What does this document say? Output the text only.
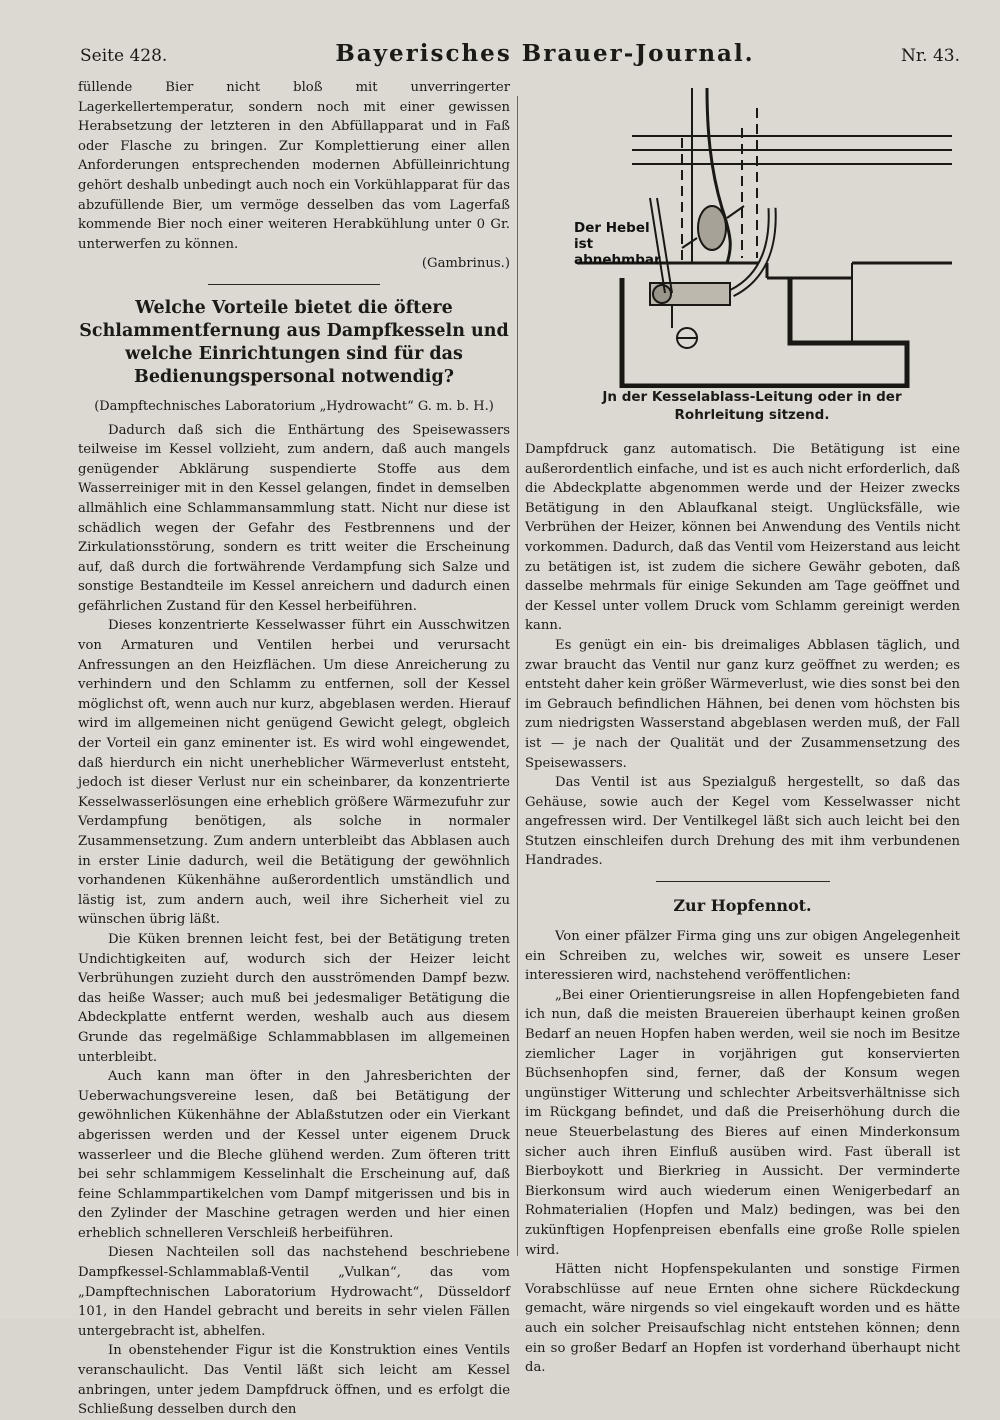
Seite 428.	Bayerisches Brauer-Journal.	Nr. 43.

füllende Bier nicht bloß mit unverringerter Lagerkellertemperatur, sondern noch mit einer gewissen Herabsetzung der letzteren in den Abfüllapparat und in Faß oder Flasche zu bringen. Zur Komplettierung einer allen Anforderungen entsprechenden modernen Abfülleinrichtung gehört deshalb unbedingt auch noch ein Vorkühlapparat für das abzufüllende Bier, um vermöge desselben das vom Lagerfaß kommende Bier noch einer weiteren Herabkühlung unter 0 Gr. unterwerfen zu können.

(Gambrinus.)

Welche Vorteile bietet die öftere Schlammentfernung aus Dampfkesseln und welche Einrichtungen sind für das Bedienungspersonal notwendig?
(Dampftechnisches Laboratorium „Hydrowacht“ G. m. b. H.)

Dadurch daß sich die Enthärtung des Speisewassers teilweise im Kessel vollzieht, zum andern, daß auch mangels genügender Abklärung suspendierte Stoffe aus dem Wasserreiniger mit in den Kessel gelangen, findet in demselben allmählich eine Schlammansammlung statt. Nicht nur diese ist schädlich wegen der Gefahr des Festbrennens und der Zirkulationsstörung, sondern es tritt weiter die Erscheinung auf, daß durch die fortwährende Verdampfung sich Salze und sonstige Bestandteile im Kessel anreichern und dadurch einen gefährlichen Zustand für den Kessel herbeiführen.

Dieses konzentrierte Kesselwasser führt ein Ausschwitzen von Armaturen und Ventilen herbei und verursacht Anfressungen an den Heizflächen. Um diese Anreicherung zu verhindern und den Schlamm zu entfernen, soll der Kessel möglichst oft, wenn auch nur kurz, abgeblasen werden. Hierauf wird im allgemeinen nicht genügend Gewicht gelegt, obgleich der Vorteil ein ganz eminenter ist. Es wird wohl eingewendet, daß hierdurch ein nicht unerheblicher Wärmeverlust entsteht, jedoch ist dieser Verlust nur ein scheinbarer, da konzentrierte Kesselwasserlösungen eine erheblich größere Wärmezufuhr zur Verdampfung benötigen, als solche in normaler Zusammensetzung. Zum andern unterbleibt das Abblasen auch in erster Linie dadurch, weil die Betätigung der gewöhnlich vorhandenen Kükenhähne außerordentlich umständlich und lästig ist, zum andern auch, weil ihre Sicherheit viel zu wünschen übrig läßt.

Die Küken brennen leicht fest, bei der Betätigung treten Undichtigkeiten auf, wodurch sich der Heizer leicht Verbrühungen zuzieht durch den ausströmenden Dampf bezw. das heiße Wasser; auch muß bei jedesmaliger Betätigung die Abdeckplatte entfernt werden, weshalb auch aus diesem Grunde das regelmäßige Schlammabblasen im allgemeinen unterbleibt.

Auch kann man öfter in den Jahresberichten der Ueberwachungsvereine lesen, daß bei Betätigung der gewöhnlichen Kükenhähne der Ablaßstutzen oder ein Vierkant abgerissen werden und der Kessel unter eigenem Druck wasserleer und die Bleche glühend werden. Zum öfteren tritt bei sehr schlammigem Kesselinhalt die Erscheinung auf, daß feine Schlammpartikelchen vom Dampf mitgerissen und bis in den Zylinder der Maschine getragen werden und hier einen erheblich schnelleren Verschleiß herbeiführen.

Diesen Nachteilen soll das nachstehend beschriebene Dampfkessel-Schlammablaß-Ventil „Vulkan“, das vom „Dampftechnischen Laboratorium Hydrowacht“, Düsseldorf 101, in den Handel gebracht und bereits in sehr vielen Fällen untergebracht ist, abhelfen.

In obenstehender Figur ist die Konstruktion eines Ventils veranschaulicht. Das Ventil läßt sich leicht am Kessel anbringen, unter jedem Dampfdruck öffnen, und es erfolgt die Schließung desselben durch den

Der Hebel ist abnehmbar.
Jn der Kesselablass-Leitung oder in der Rohrleitung sitzend.

Dampfdruck ganz automatisch. Die Betätigung ist eine außerordentlich einfache, und ist es auch nicht erforderlich, daß die Abdeckplatte abgenommen werde und der Heizer zwecks Betätigung in den Ablaufkanal steigt. Unglücksfälle, wie Verbrühen der Heizer, können bei Anwendung des Ventils nicht vorkommen. Dadurch, daß das Ventil vom Heizerstand aus leicht zu betätigen ist, ist zudem die sichere Gewähr geboten, daß dasselbe mehrmals für einige Sekunden am Tage geöffnet und der Kessel unter vollem Druck vom Schlamm gereinigt werden kann.

Es genügt ein ein- bis dreimaliges Abblasen täglich, und zwar braucht das Ventil nur ganz kurz geöffnet zu werden; es entsteht daher kein größer Wärmeverlust, wie dies sonst bei den im Gebrauch befindlichen Hähnen, bei denen vom höchsten bis zum niedrigsten Wasserstand abgeblasen werden muß, der Fall ist — je nach der Qualität und der Zusammensetzung des Speisewassers.

Das Ventil ist aus Spezialguß hergestellt, so daß das Gehäuse, sowie auch der Kegel vom Kesselwasser nicht angefressen wird. Der Ventilkegel läßt sich auch leicht bei den Stutzen einschleifen durch Drehung des mit ihm verbundenen Handrades.

Zur Hopfennot.

Von einer pfälzer Firma ging uns zur obigen Angelegenheit ein Schreiben zu, welches wir, soweit es unsere Leser interessieren wird, nachstehend veröffentlichen:

„Bei einer Orientierungsreise in allen Hopfengebieten fand ich nun, daß die meisten Brauereien überhaupt keinen großen Bedarf an neuen Hopfen haben werden, weil sie noch im Besitze ziemlicher Lager in vorjährigen gut konservierten Büchsenhopfen sind, ferner, daß der Konsum wegen ungünstiger Witterung und schlechter Arbeitsverhältnisse sich im Rückgang befindet, und daß die Preiserhöhung durch die neue Steuerbelastung des Bieres auf einen Minderkonsum sicher auch ihren Einfluß ausüben wird. Fast überall ist Bierboykott und Bierkrieg in Aussicht. Der verminderte Bierkonsum wird auch wiederum einen Wenigerbedarf an Rohmaterialien (Hopfen und Malz) bedingen, was bei den zukünftigen Hopfenpreisen ebenfalls eine große Rolle spielen wird.

Hätten nicht Hopfenspekulanten und sonstige Firmen Vorabschlüsse auf neue Ernten ohne sichere Rückdeckung gemacht, wäre nirgends so viel eingekauft worden und es hätte auch ein solcher Preisaufschlag nicht entstehen können; denn ein so großer Bedarf an Hopfen ist vorderhand überhaupt nicht da.
